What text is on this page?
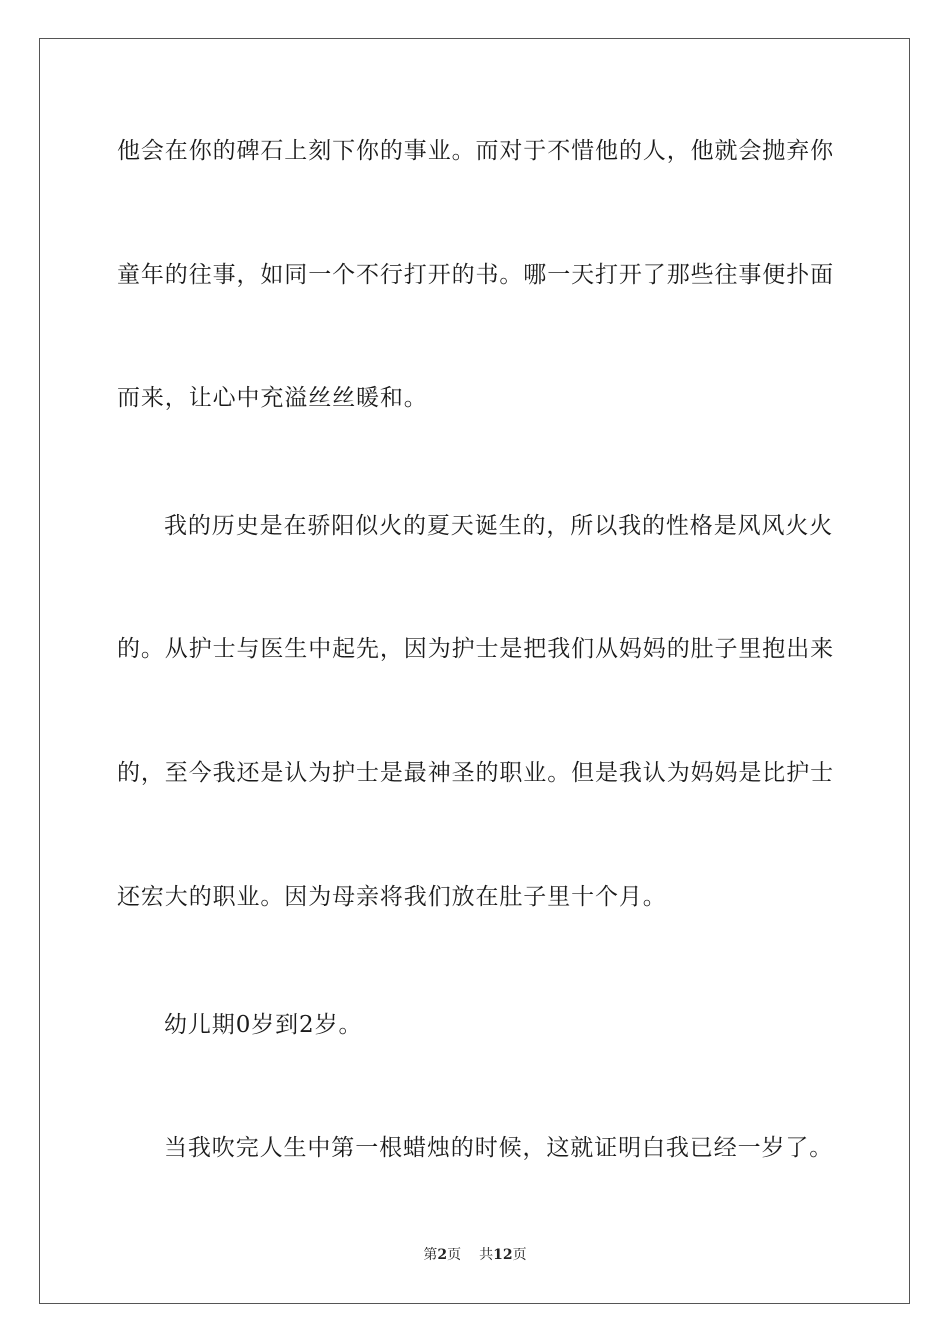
他会在你的碑石上刻下你的事业。而对于不惜他的人，他就会抛弃你
童年的往事，如同一个不行打开的书。哪一天打开了那些往事便扑面
而来，让心中充溢丝丝暖和。
我的历史是在骄阳似火的夏天诞生的，所以我的性格是风风火火
的。从护士与医生中起先，因为护士是把我们从妈妈的肚子里抱出来
的，至今我还是认为护士是最神圣的职业。但是我认为妈妈是比护士
还宏大的职业。因为母亲将我们放在肚子里十个月。
幼儿期0岁到2岁。
当我吹完人生中第一根蜡烛的时候，这就证明白我已经一岁了。
第2页 共12页
